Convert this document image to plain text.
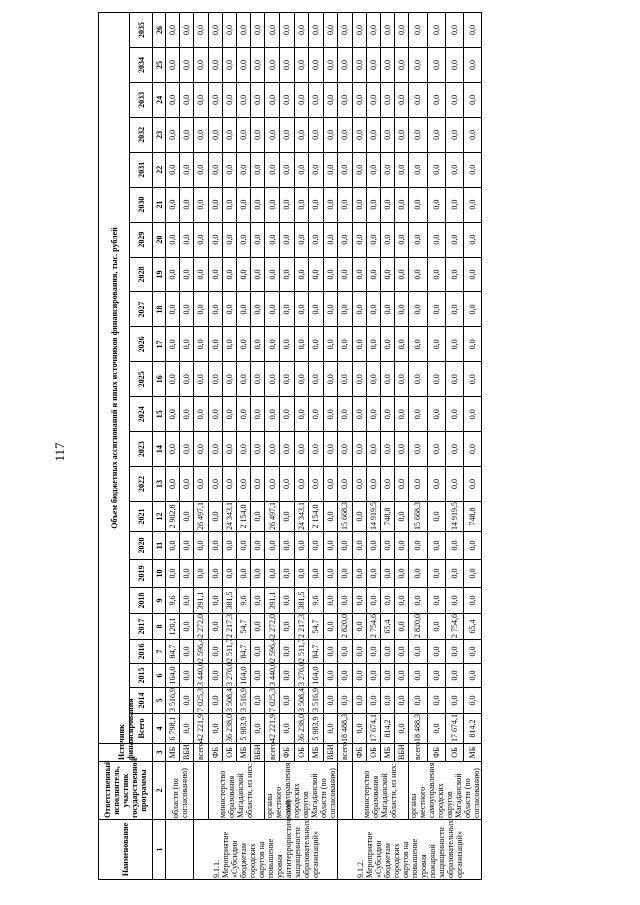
117
Наименование	Ответственный исполнитель, участник государственной программы	Источник финансирования	Объем бюджетных ассигнований и иных источников финансирования, тыс. рублей																						
			Всего	2014	2015	2016	2017	2018	2019	2020	2021	2022	2023	2024	2025	2026	2027	2028	2029	2030	2031	2032	2033	2034	2035
1	2	3	4	5	6	7	8	9	10	11	12	13	14	15	16	17	18	19	20	21	22	23	24	25	26
	области (по согласованию)	МБ	6 798,1	3 516,9	164,0	84,7	120,1	9,6	0,0	0,0	2 902,8	0,0	0,0	0,0	0,0	0,0	0,0	0,0	0,0	0,0	0,0	0,0	0,0	0,0	0,0
		ВБИ	0,0	0,0	0,0	0,0	0,0	0,0	0,0	0,0	0,0	0,0	0,0	0,0	0,0	0,0	0,0	0,0	0,0	0,0	0,0	0,0	0,0	0,0	0,0
9.1.1. Мероприятие «Субсидии бюджетам городских округов на повышение уровня антитеррористической защищенности образовательных организаций»		всего	42 221,9	7 025,3	3 440,0	2 596,4	2 272,0	391,1	0,0	0,0	26 497,1	0,0	0,0	0,0	0,0	0,0	0,0	0,0	0,0	0,0	0,0	0,0	0,0	0,0	0,0
	министерство образования Магаданской области, из них:	ФБ	0,0	0,0	0,0	0,0	0,0	0,0	0,0	0,0	0,0	0,0	0,0	0,0	0,0	0,0	0,0	0,0	0,0	0,0	0,0	0,0	0,0	0,0	0,0
		ОБ	36 238,0	3 508,4	3 276,0	2 511,7	2 217,3	381,5	0,0	0,0	24 343,1	0,0	0,0	0,0	0,0	0,0	0,0	0,0	0,0	0,0	0,0	0,0	0,0	0,0	0,0
		МБ	5 983,9	3 516,9	164,0	84,7	54,7	9,6	0,0	0,0	2 154,0	0,0	0,0	0,0	0,0	0,0	0,0	0,0	0,0	0,0	0,0	0,0	0,0	0,0	0,0
		ВБИ	0,0	0,0	0,0	0,0	0,0	0,0	0,0	0,0	0,0	0,0	0,0	0,0	0,0	0,0	0,0	0,0	0,0	0,0	0,0	0,0	0,0	0,0	0,0
	органы местного самоуправления городских округов Магаданской области (по согласованию)	всего	42 221,9	7 025,3	3 440,0	2 596,4	2 272,0	391,1	0,0	0,0	26 497,1	0,0	0,0	0,0	0,0	0,0	0,0	0,0	0,0	0,0	0,0	0,0	0,0	0,0	0,0
		ФБ	0,0	0,0	0,0	0,0	0,0	0,0	0,0	0,0	0,0	0,0	0,0	0,0	0,0	0,0	0,0	0,0	0,0	0,0	0,0	0,0	0,0	0,0	0,0
		ОБ	36 238,0	3 508,4	3 276,0	2 511,7	2 217,3	381,5	0,0	0,0	24 343,1	0,0	0,0	0,0	0,0	0,0	0,0	0,0	0,0	0,0	0,0	0,0	0,0	0,0	0,0
		МБ	5 983,9	3 516,9	164,0	84,7	54,7	9,6	0,0	0,0	2 154,0	0,0	0,0	0,0	0,0	0,0	0,0	0,0	0,0	0,0	0,0	0,0	0,0	0,0	0,0
		ВБИ	0,0	0,0	0,0	0,0	0,0	0,0	0,0	0,0	0,0	0,0	0,0	0,0	0,0	0,0	0,0	0,0	0,0	0,0	0,0	0,0	0,0	0,0	0,0
9.1.2. Мероприятие «Субсидии бюджетам городских округов на повышение уровня пожарной защищенности образовательных организаций»		всего	18 488,3	0,0	0,0	0,0	2 820,0	0,0	0,0	0,0	15 668,3	0,0	0,0	0,0	0,0	0,0	0,0	0,0	0,0	0,0	0,0	0,0	0,0	0,0	0,0
	министерство образования Магаданской области, из них:	ФБ	0,0	0,0	0,0	0,0	0,0	0,0	0,0	0,0	0,0	0,0	0,0	0,0	0,0	0,0	0,0	0,0	0,0	0,0	0,0	0,0	0,0	0,0	0,0
		ОБ	17 674,1	0,0	0,0	0,0	2 754,6	0,0	0,0	0,0	14 919,5	0,0	0,0	0,0	0,0	0,0	0,0	0,0	0,0	0,0	0,0	0,0	0,0	0,0	0,0
		МБ	814,2	0,0	0,0	0,0	65,4	0,0	0,0	0,0	748,8	0,0	0,0	0,0	0,0	0,0	0,0	0,0	0,0	0,0	0,0	0,0	0,0	0,0	0,0
		ВБИ	0,0	0,0	0,0	0,0	0,0	0,0	0,0	0,0	0,0	0,0	0,0	0,0	0,0	0,0	0,0	0,0	0,0	0,0	0,0	0,0	0,0	0,0	0,0
	органы местного самоуправления городских округов Магаданской области (по согласованию)	всего	18 488,3	0,0	0,0	0,0	2 820,0	0,0	0,0	0,0	15 668,3	0,0	0,0	0,0	0,0	0,0	0,0	0,0	0,0	0,0	0,0	0,0	0,0	0,0	0,0
		ФБ	0,0	0,0	0,0	0,0	0,0	0,0	0,0	0,0	0,0	0,0	0,0	0,0	0,0	0,0	0,0	0,0	0,0	0,0	0,0	0,0	0,0	0,0	0,0
		ОБ	17 674,1	0,0	0,0	0,0	2 754,6	0,0	0,0	0,0	14 919,5	0,0	0,0	0,0	0,0	0,0	0,0	0,0	0,0	0,0	0,0	0,0	0,0	0,0	0,0
		МБ	814,2	0,0	0,0	0,0	65,4	0,0	0,0	0,0	748,8	0,0	0,0	0,0	0,0	0,0	0,0	0,0	0,0	0,0	0,0	0,0	0,0	0,0	0,0
